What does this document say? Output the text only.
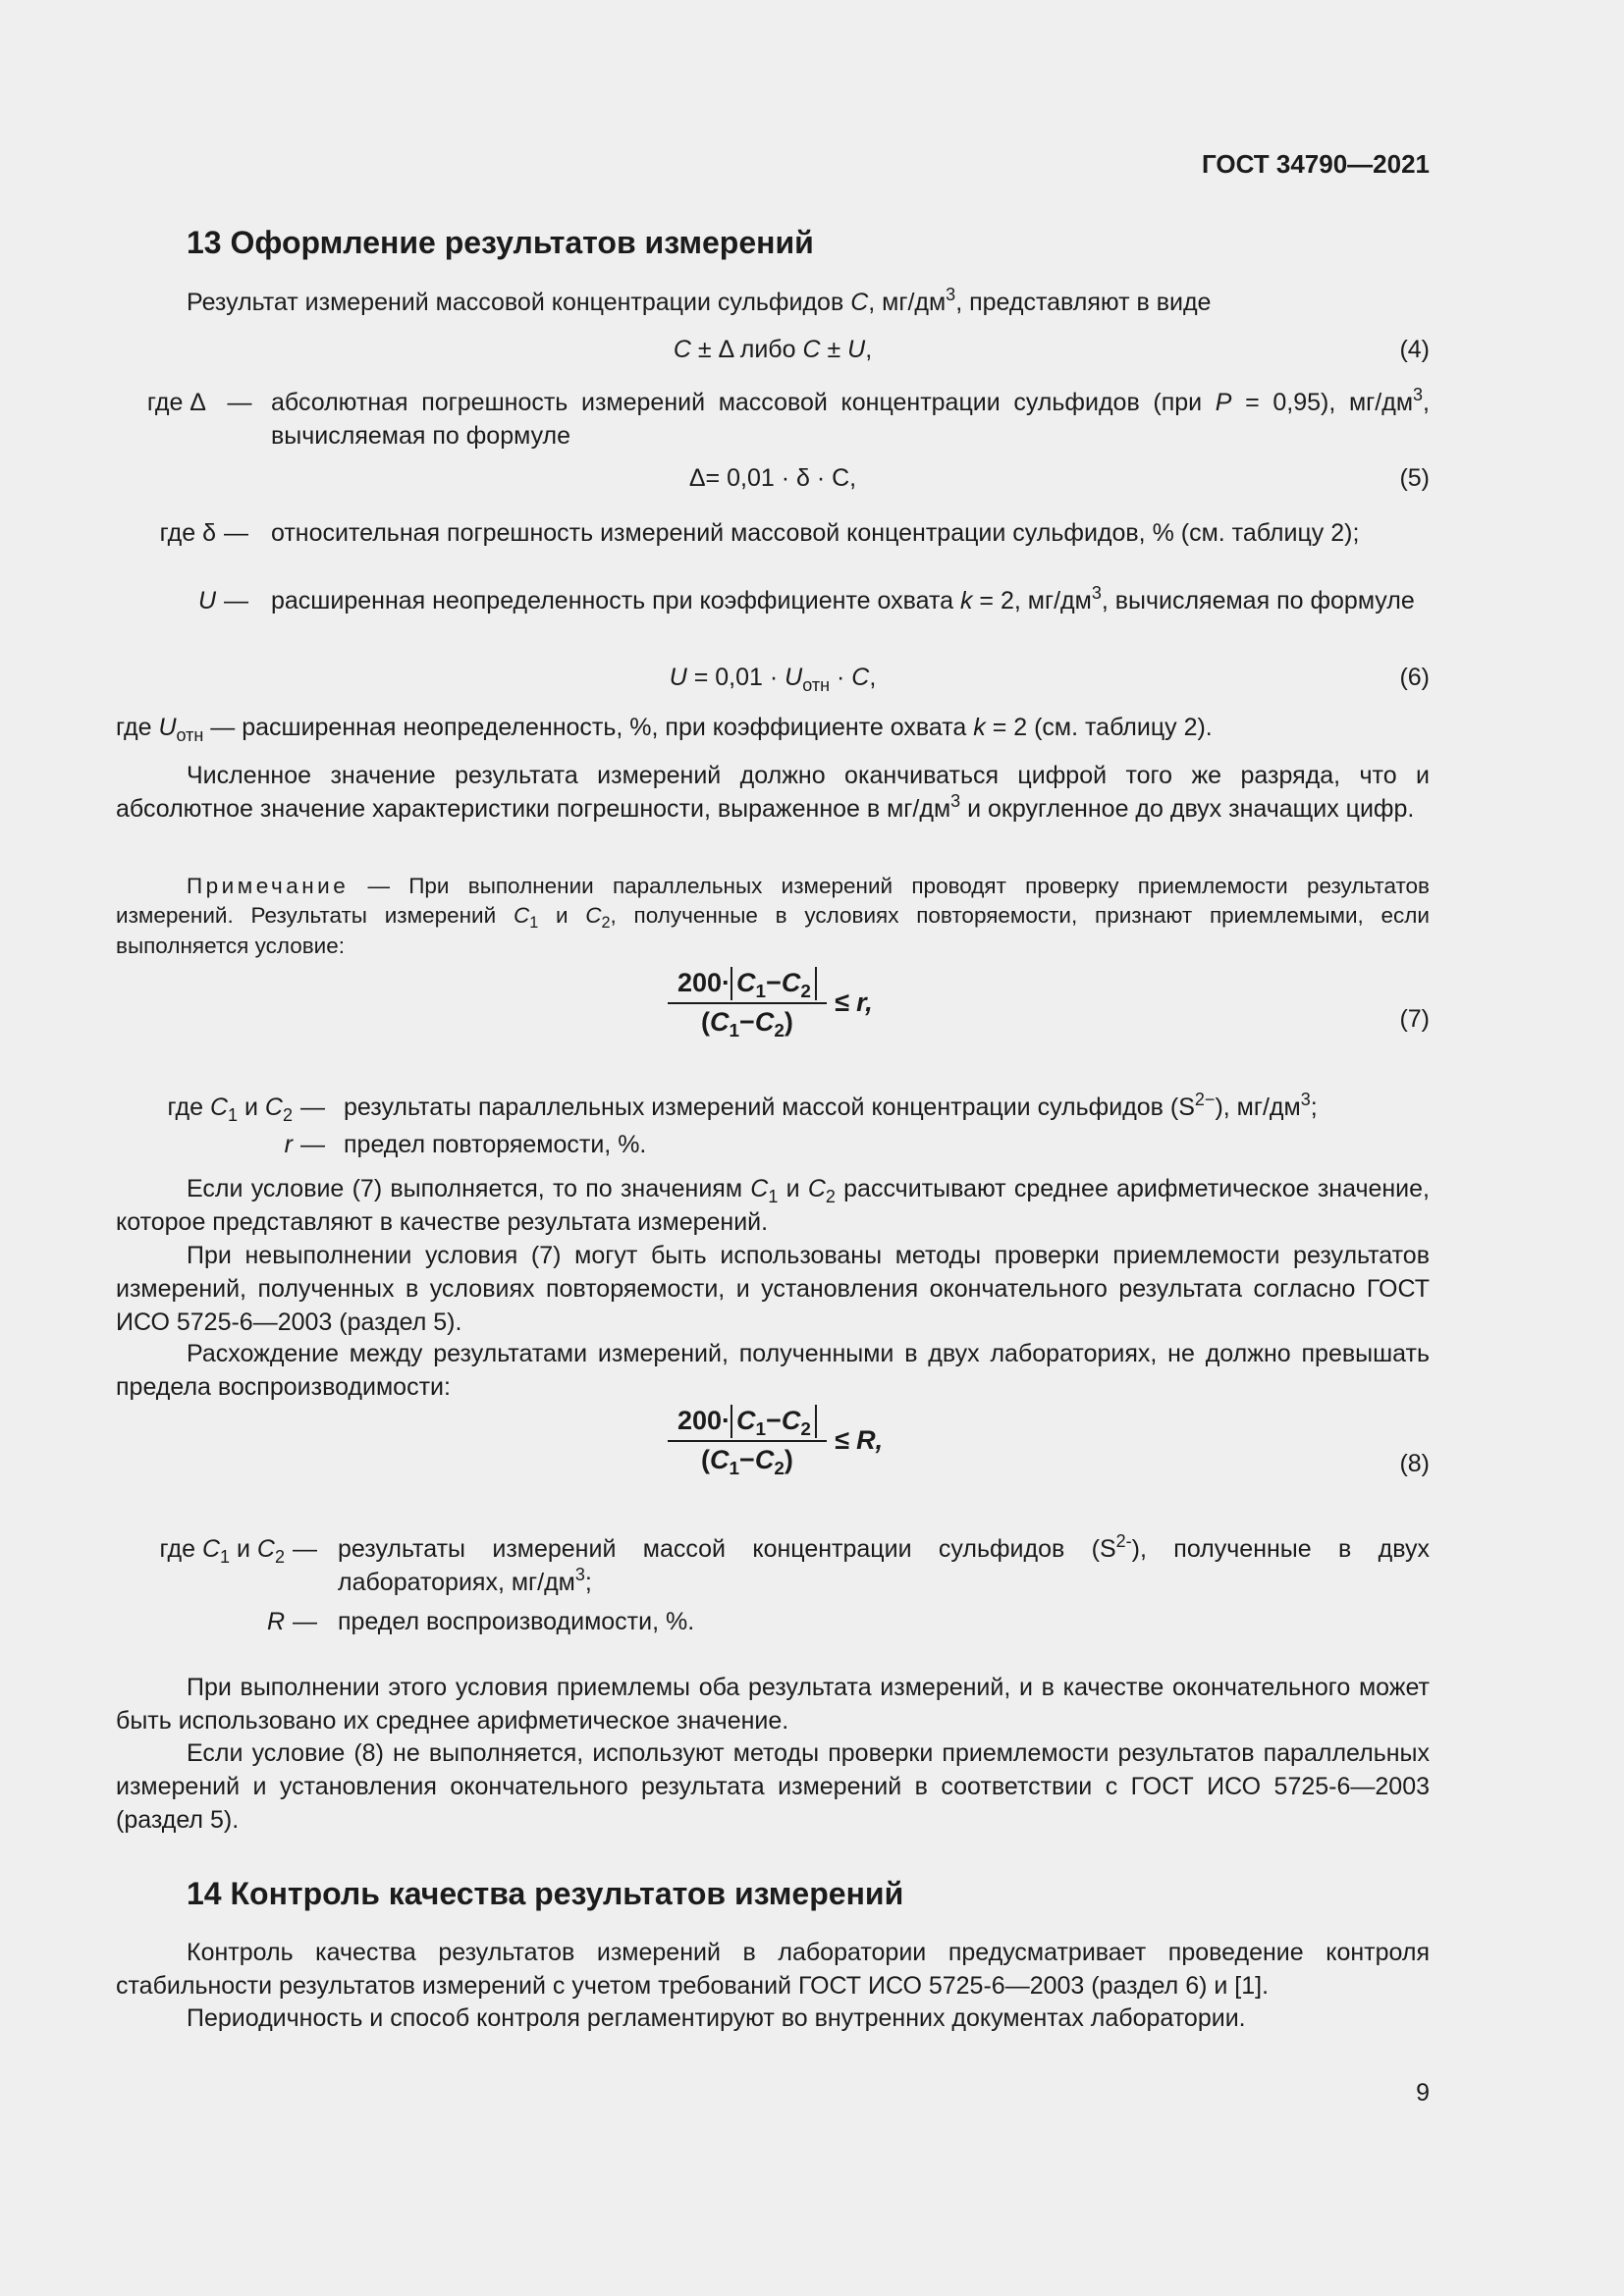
ГОСТ 34790—2021
13 Оформление результатов измерений
Результат измерений массовой концентрации сульфидов C, $мг/дм^3$, представляют в виде
C ± Δ либо C ± U,	(4)
где Δ — абсолютная погрешность измерений массовой концентрации сульфидов (при P = 0,95), $мг/дм^3$, вычисляемая по формуле
Δ= 0,01 · δ · С,	(5)
где δ — относительная погрешность измерений массовой концентрации сульфидов, % (см. таблицу 2);
U — расширенная неопределенность при коэффициенте охвата k = 2, $мг/дм^3$, вычисляемая по формуле
$U = 0,01 \cdot U_{отн} \cdot C$,	(6)
где $U_{отн}$ — расширенная неопределенность, %, при коэффициенте охвата k = 2 (см. таблицу 2).
Численное значение результата измерений должно оканчиваться цифрой того же разряда, что и абсолютное значение характеристики погрешности, выраженное в $мг/дм^3$ и округленное до двух значащих цифр.
Примечание — При выполнении параллельных измерений проводят проверку приемлемости результатов измерений. Результаты измерений $C_1$ и $C_2$, полученные в условиях повторяемости, признают приемлемыми, если выполняется условие:
$\frac{200\cdot C_1-C_2}{(C_1-C_2)} \le r$,
(7)
где $C_1$ и $C_2$ — результаты параллельных измерений массой концентрации сульфидов $(S^{2-})$, $мг/дм^3$;
r — предел повторяемости, %.
Если условие (7) выполняется, то по значениям $C_1$ и $C_2$ рассчитывают среднее арифметическое значение, которое представляют в качестве результата измерений.
При невыполнении условия (7) могут быть использованы методы проверки приемлемости результатов измерений, полученных в условиях повторяемости, и установления окончательного результата согласно ГОСТ ИСО 5725-6—2003 (раздел 5).
Расхождение между результатами измерений, полученными в двух лабораториях, не должно превышать предела воспроизводимости:
$\frac{200\cdot C_1-C_2}{(C_1-C_2)} \le R$,
(8)
где $C_1$ и $C_2$ — результаты измерений массой концентрации сульфидов $(S^{2-})$, полученные в двух лабораториях, $мг/дм^3$;
R — предел воспроизводимости, %.
При выполнении этого условия приемлемы оба результата измерений, и в качестве окончательного может быть использовано их среднее арифметическое значение.
Если условие (8) не выполняется, используют методы проверки приемлемости результатов параллельных измерений и установления окончательного результата измерений в соответствии с ГОСТ ИСО 5725-6—2003 (раздел 5).
14 Контроль качества результатов измерений
Контроль качества результатов измерений в лаборатории предусматривает проведение контроля стабильности результатов измерений с учетом требований ГОСТ ИСО 5725-6—2003 (раздел 6) и [1].
Периодичность и способ контроля регламентируют во внутренних документах лаборатории.
9
